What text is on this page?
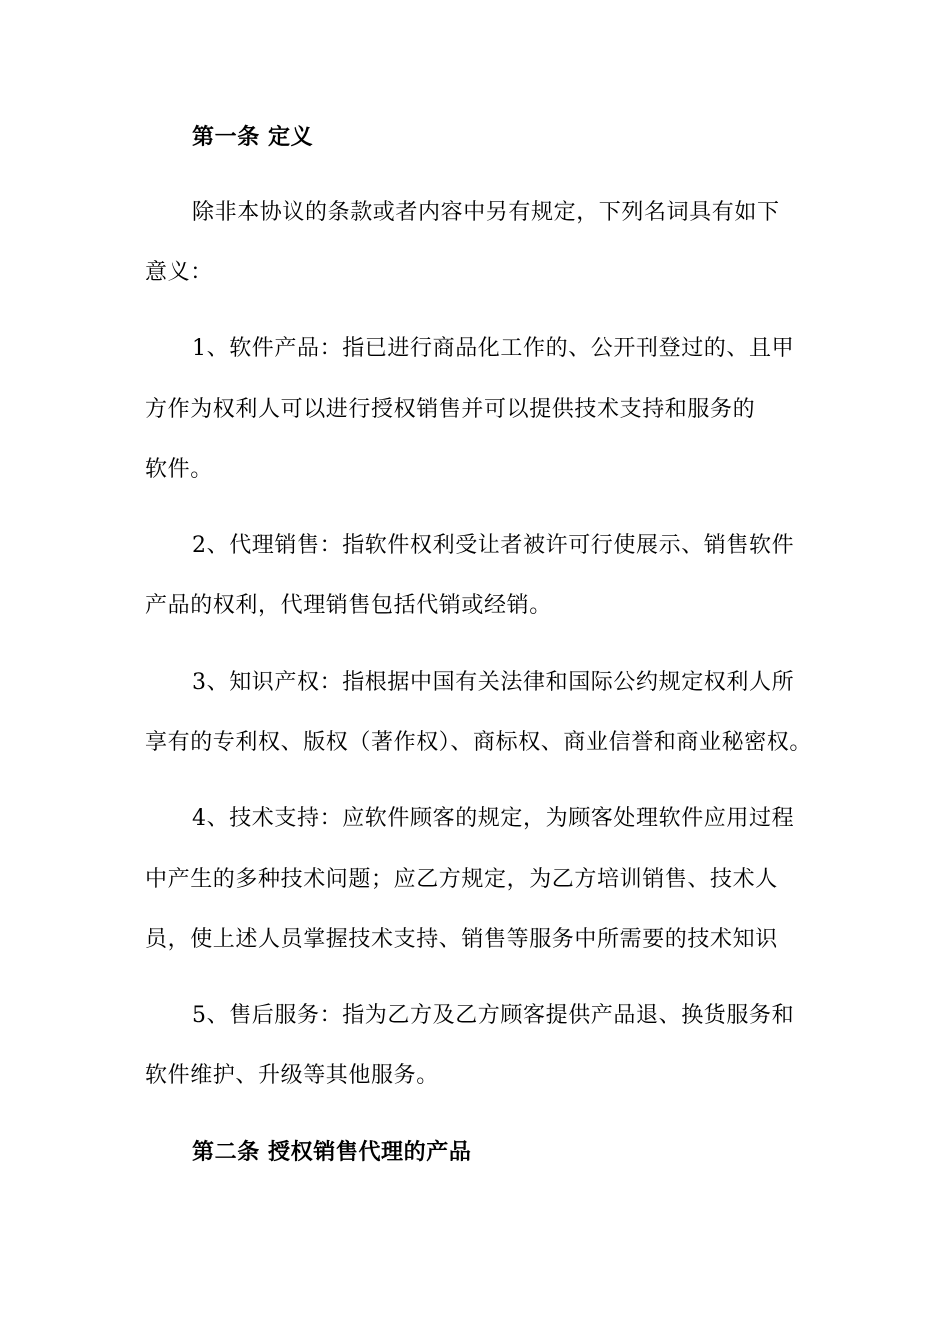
第一条 定义
除非本协议的条款或者内容中另有规定，下列名词具有如下
意义：
1、软件产品：指已进行商品化工作的、公开刊登过的、且甲
方作为权利人可以进行授权销售并可以提供技术支持和服务的
软件。
2、代理销售：指软件权利受让者被许可行使展示、销售软件
产品的权利，代理销售包括代销或经销。
3、知识产权：指根据中国有关法律和国际公约规定权利人所
享有的专利权、版权（著作权）、商标权、商业信誉和商业秘密权。
4、技术支持：应软件顾客的规定，为顾客处理软件应用过程
中产生的多种技术问题；应乙方规定，为乙方培训销售、技术人
员，使上述人员掌握技术支持、销售等服务中所需要的技术知识
5、售后服务：指为乙方及乙方顾客提供产品退、换货服务和
软件维护、升级等其他服务。
第二条 授权销售代理的产品
